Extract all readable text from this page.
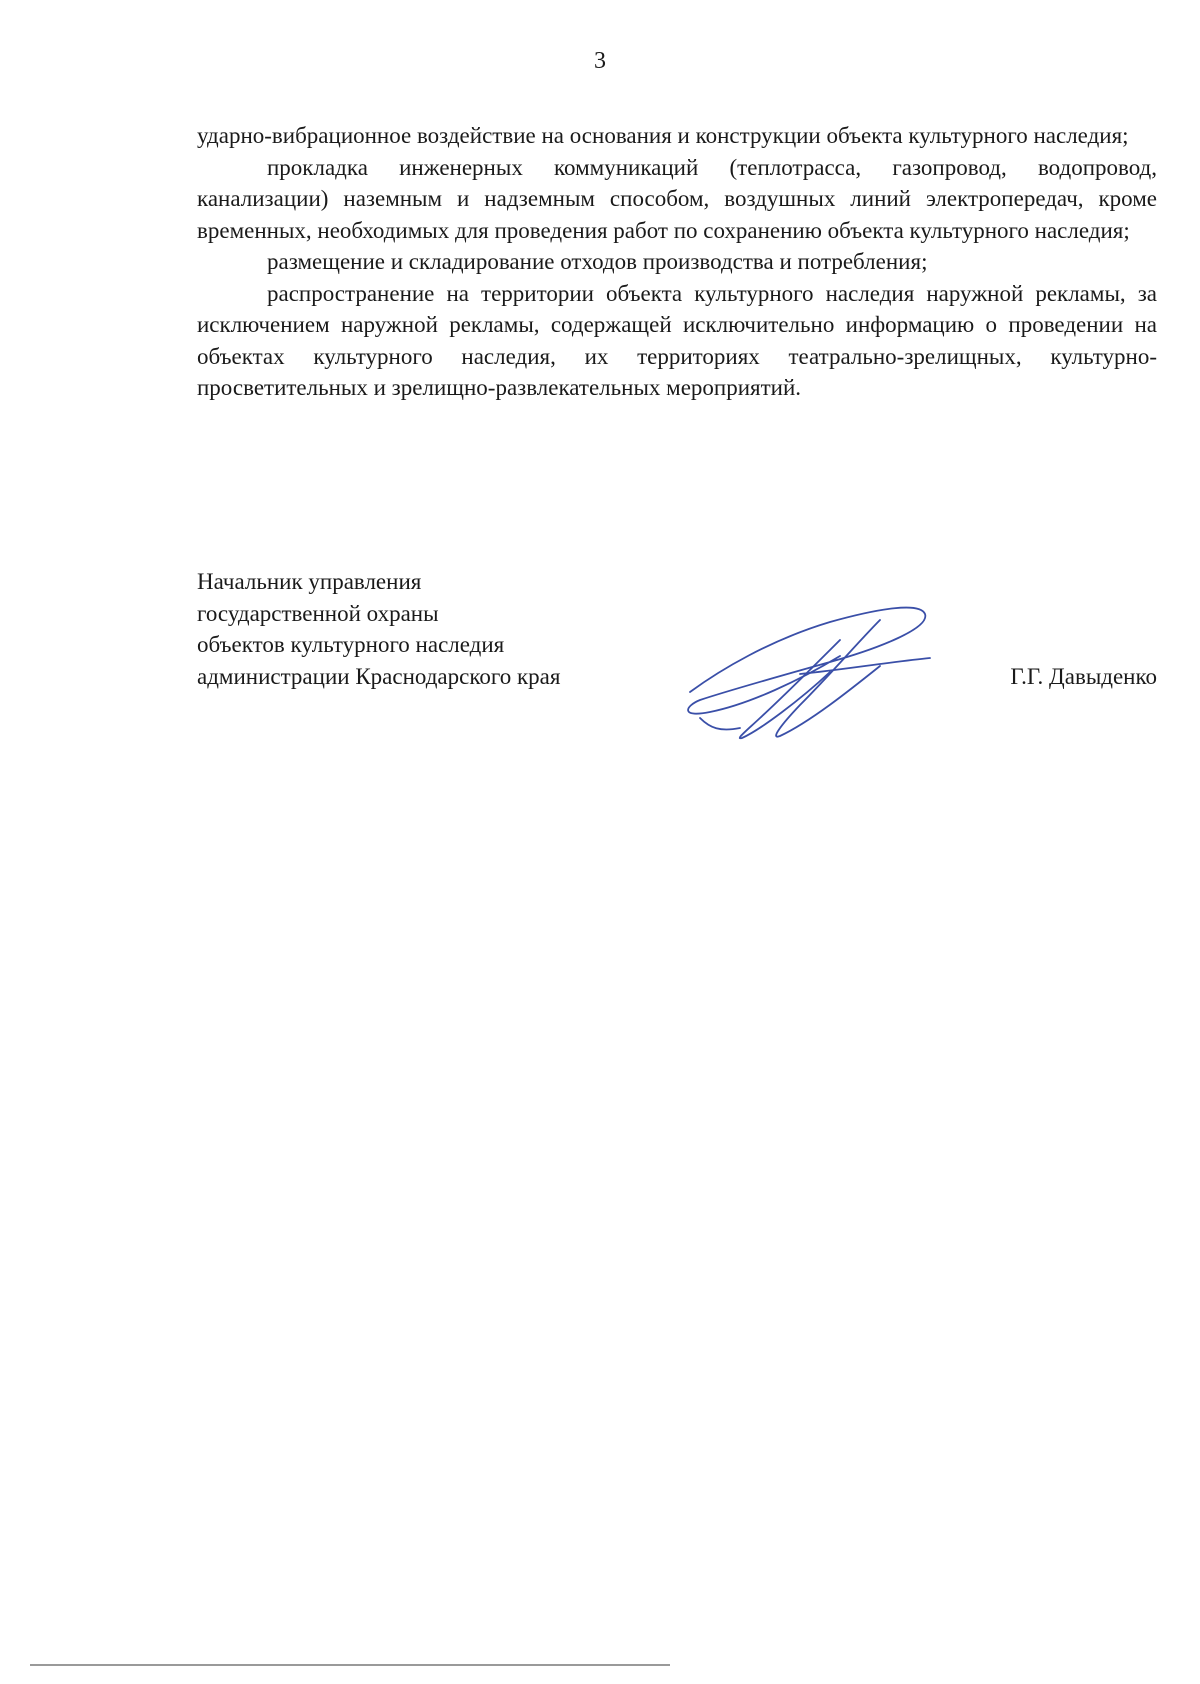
3

ударно-вибрационное воздействие на основания и конструкции объекта культурного наследия;

прокладка инженерных коммуникаций (теплотрасса, газопровод, водопровод, канализации) наземным и надземным способом, воздушных линий электропередач, кроме временных, необходимых для проведения работ по сохранению объекта культурного наследия;

размещение и складирование отходов производства и потребления;

распространение на территории объекта культурного наследия наружной рекламы, за исключением наружной рекламы, содержащей исключительно информацию о проведении на объектах культурного наследия, их территориях театрально-зрелищных, культурно-просветительных и зрелищно-развлекательных мероприятий.

Начальник управления
государственной охраны
объектов культурного наследия
администрации Краснодарского края	Г.Г. Давыденко
